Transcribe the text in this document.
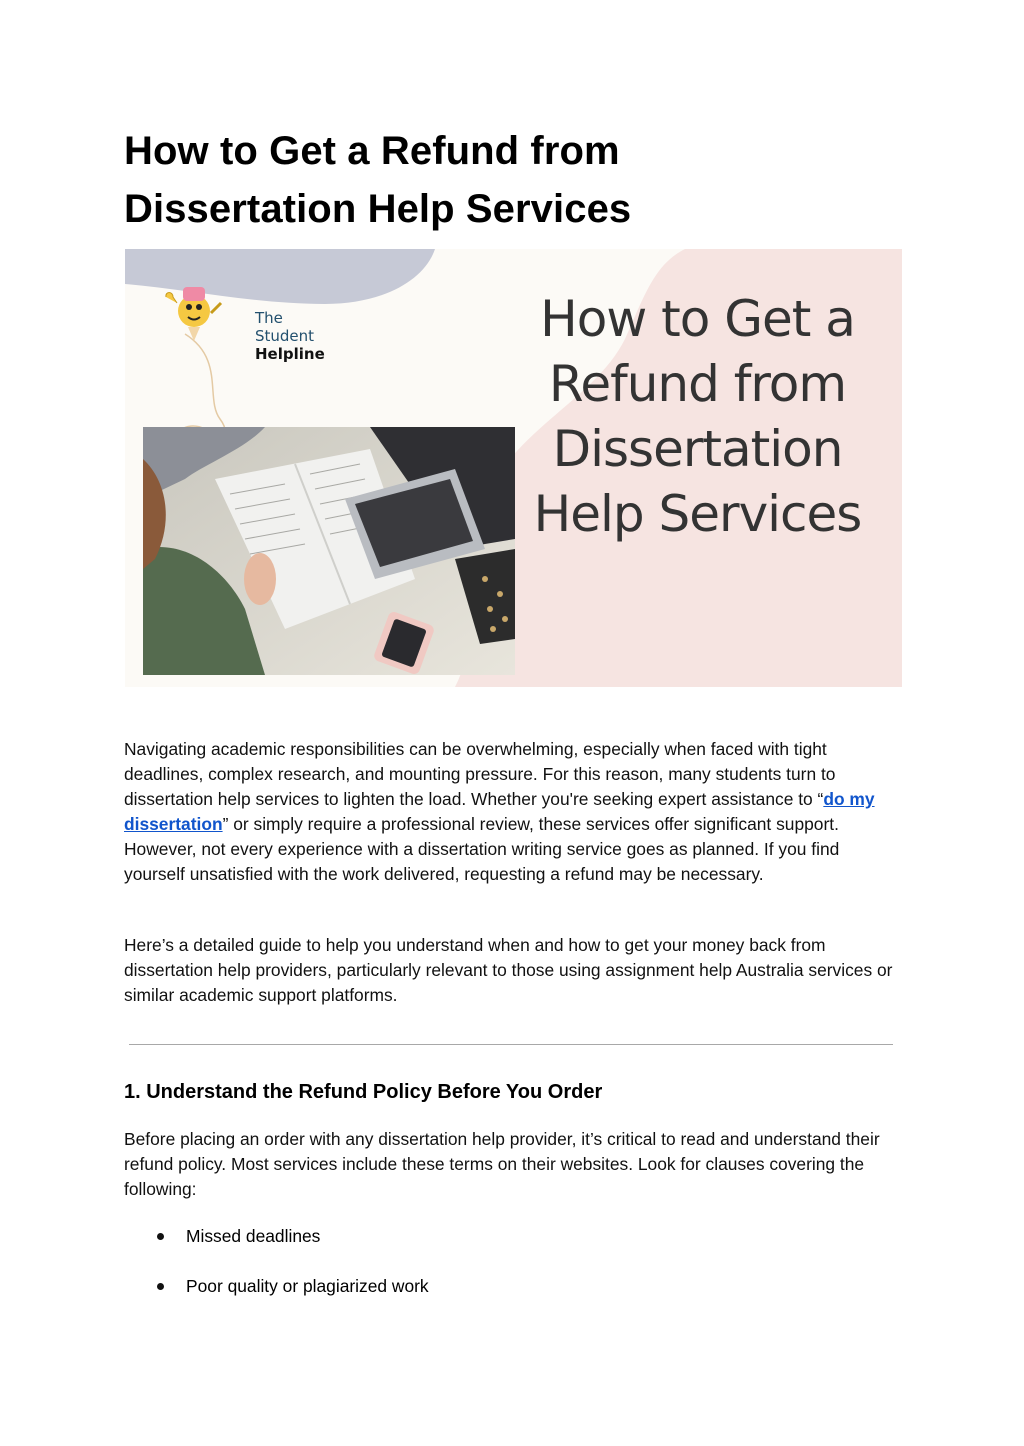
How to Get a Refund from
Dissertation Help Services
The Student
Helpline
How to Get a
Refund from
Dissertation
Help Services

Navigating academic responsibilities can be overwhelming, especially when faced with tight deadlines, complex research, and mounting pressure. For this reason, many students turn to dissertation help services to lighten the load. Whether you're seeking expert assistance to “do my dissertation” or simply require a professional review, these services offer significant support. However, not every experience with a dissertation writing service goes as planned. If you find yourself unsatisfied with the work delivered, requesting a refund may be necessary.

Here’s a detailed guide to help you understand when and how to get your money back from dissertation help providers, particularly relevant to those using assignment help Australia services or similar academic support platforms.

1. Understand the Refund Policy Before You Order

Before placing an order with any dissertation help provider, it’s critical to read and understand their refund policy. Most services include these terms on their websites. Look for clauses covering the following:

Missed deadlines
Poor quality or plagiarized work
